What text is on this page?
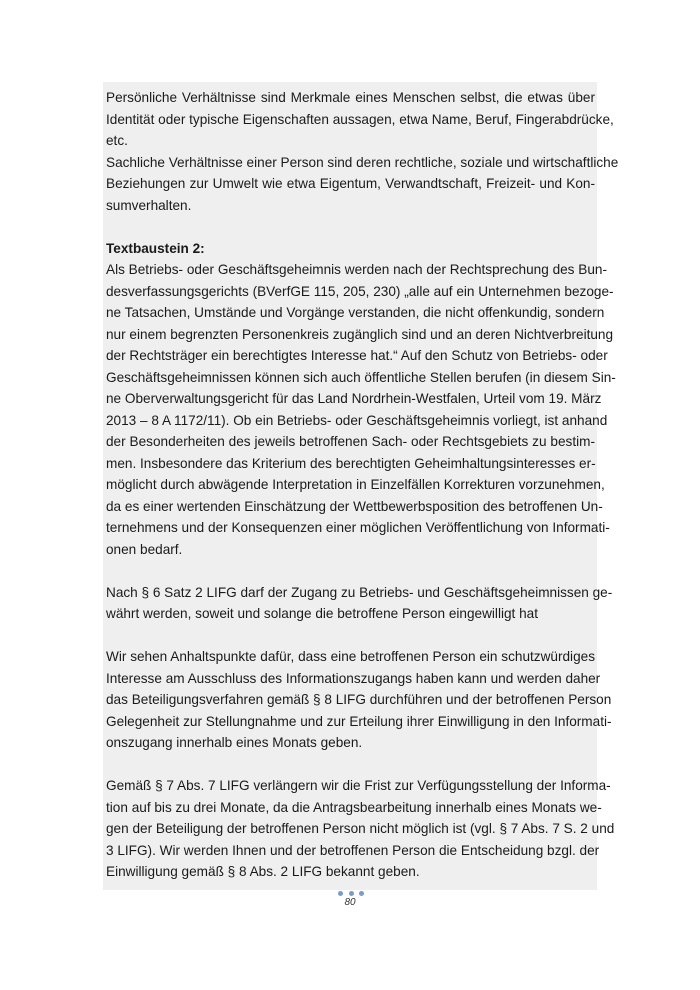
Persönliche Verhältnisse sind Merkmale eines Menschen selbst, die etwas über
Identität oder typische Eigenschaften aussagen, etwa Name, Beruf, Fingerabdrücke,
etc.

Sachliche Verhältnisse einer Person sind deren rechtliche, soziale und wirtschaftliche
Beziehungen zur Umwelt wie etwa Eigentum, Verwandtschaft, Freizeit- und Kon-
sumverhalten.

Textbaustein 2:

Als Betriebs- oder Geschäftsgeheimnis werden nach der Rechtsprechung des Bun-
desverfassungsgerichts (BVerfGE 115, 205, 230) „alle auf ein Unternehmen bezoge-
ne Tatsachen, Umstände und Vorgänge verstanden, die nicht offenkundig, sondern
nur einem begrenzten Personenkreis zugänglich sind und an deren Nichtverbreitung
der Rechtsträger ein berechtigtes Interesse hat.“ Auf den Schutz von Betriebs- oder
Geschäftsgeheimnissen können sich auch öffentliche Stellen berufen (in diesem Sin-
ne Oberverwaltungsgericht für das Land Nordrhein-Westfalen, Urteil vom 19. März
2013 – 8 A 1172/11). Ob ein Betriebs- oder Geschäftsgeheimnis vorliegt, ist anhand
der Besonderheiten des jeweils betroffenen Sach- oder Rechtsgebiets zu bestim-
men. Insbesondere das Kriterium des berechtigten Geheimhaltungsinteresses er-
möglicht durch abwägende Interpretation in Einzelfällen Korrekturen vorzunehmen,
da es einer wertenden Einschätzung der Wettbewerbsposition des betroffenen Un-
ternehmens und der Konsequenzen einer möglichen Veröffentlichung von Informati-
onen bedarf.

Nach § 6 Satz 2 LIFG darf der Zugang zu Betriebs- und Geschäftsgeheimnissen ge-
währt werden, soweit und solange die betroffene Person eingewilligt hat

Wir sehen Anhaltspunkte dafür, dass eine betroffenen Person ein schutzwürdiges
Interesse am Ausschluss des Informationszugangs haben kann und werden daher
das Beteiligungsverfahren gemäß § 8 LIFG durchführen und der betroffenen Person
Gelegenheit zur Stellungnahme und zur Erteilung ihrer Einwilligung in den Informati-
onszugang innerhalb eines Monats geben.

Gemäß § 7 Abs. 7 LIFG verlängern wir die Frist zur Verfügungsstellung der Informa-
tion auf bis zu drei Monate, da die Antragsbearbeitung innerhalb eines Monats we-
gen der Beteiligung der betroffenen Person nicht möglich ist (vgl. § 7 Abs. 7 S. 2 und
3 LIFG). Wir werden Ihnen und der betroffenen Person die Entscheidung bzgl. der
Einwilligung gemäß § 8 Abs. 2 LIFG bekannt geben.

80
